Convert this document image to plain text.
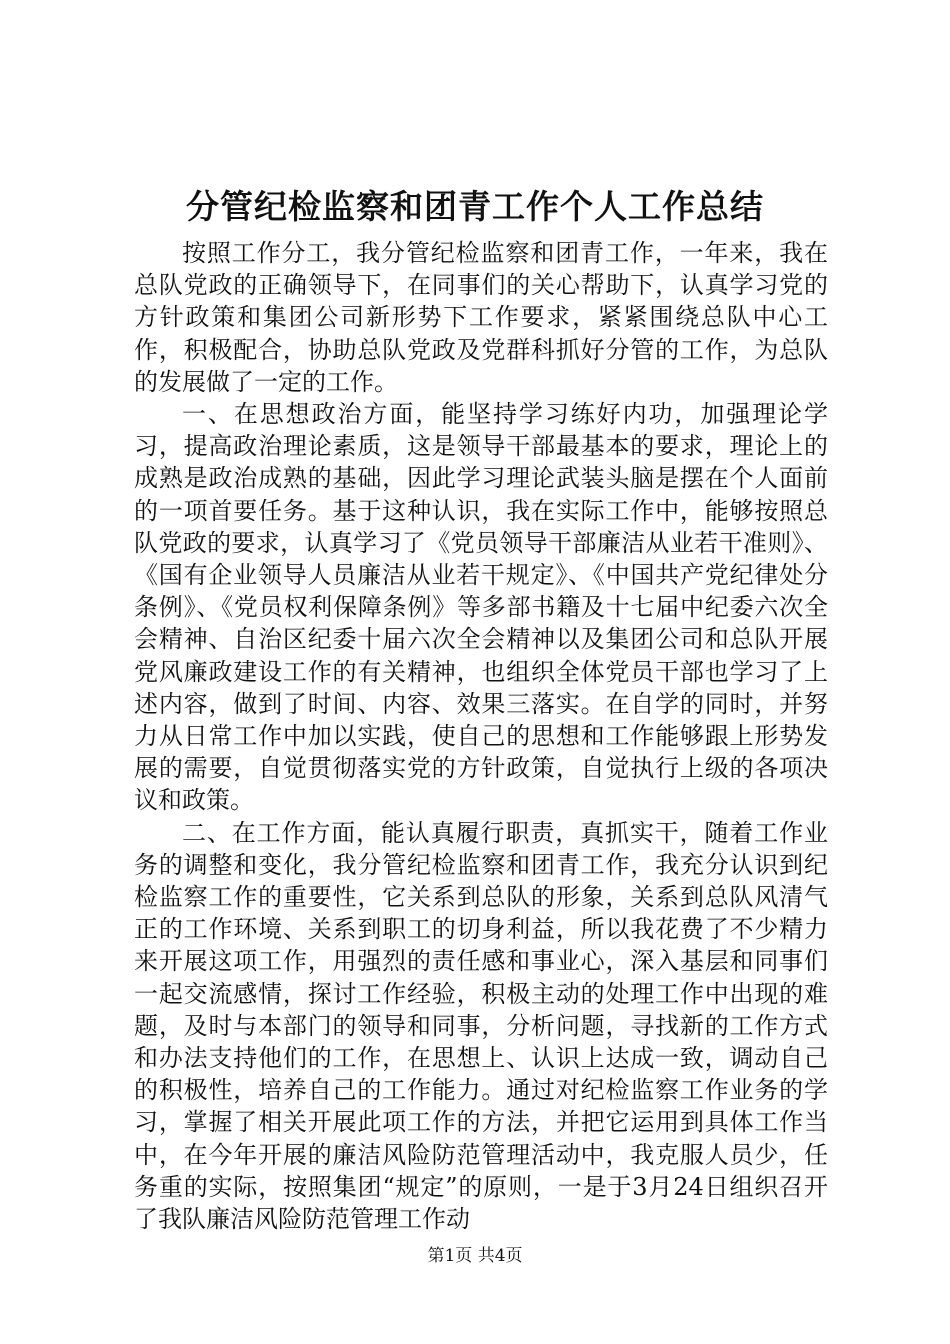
分管纪检监察和团青工作个人工作总结

按照工作分工，我分管纪检监察和团青工作，一年来，我在总队党政的正确领导下，在同事们的关心帮助下，认真学习党的方针政策和集团公司新形势下工作要求，紧紧围绕总队中心工作，积极配合，协助总队党政及党群科抓好分管的工作，为总队的发展做了一定的工作。

一、在思想政治方面，能坚持学习练好内功，加强理论学习，提高政治理论素质，这是领导干部最基本的要求，理论上的成熟是政治成熟的基础，因此学习理论武装头脑是摆在个人面前的一项首要任务。基于这种认识，我在实际工作中，能够按照总队党政的要求，认真学习了《党员领导干部廉洁从业若干准则》、《国有企业领导人员廉洁从业若干规定》、《中国共产党纪律处分条例》、《党员权利保障条例》等多部书籍及十七届中纪委六次全会精神、自治区纪委十届六次全会精神以及集团公司和总队开展党风廉政建设工作的有关精神，也组织全体党员干部也学习了上述内容，做到了时间、内容、效果三落实。在自学的同时，并努力从日常工作中加以实践，使自己的思想和工作能够跟上形势发展的需要，自觉贯彻落实党的方针政策，自觉执行上级的各项决议和政策。

二、在工作方面，能认真履行职责，真抓实干，随着工作业务的调整和变化，我分管纪检监察和团青工作，我充分认识到纪检监察工作的重要性，它关系到总队的形象，关系到总队风清气正的工作环境、关系到职工的切身利益，所以我花费了不少精力来开展这项工作，用强烈的责任感和事业心，深入基层和同事们一起交流感情，探讨工作经验，积极主动的处理工作中出现的难题，及时与本部门的领导和同事，分析问题，寻找新的工作方式和办法支持他们的工作，在思想上、认识上达成一致，调动自己的积极性，培养自己的工作能力。通过对纪检监察工作业务的学习，掌握了相关开展此项工作的方法，并把它运用到具体工作当中，在今年开展的廉洁风险防范管理活动中，我克服人员少，任务重的实际，按照集团“规定”的原则，一是于3月24日组织召开了我队廉洁风险防范管理工作动

第1页 共4页
